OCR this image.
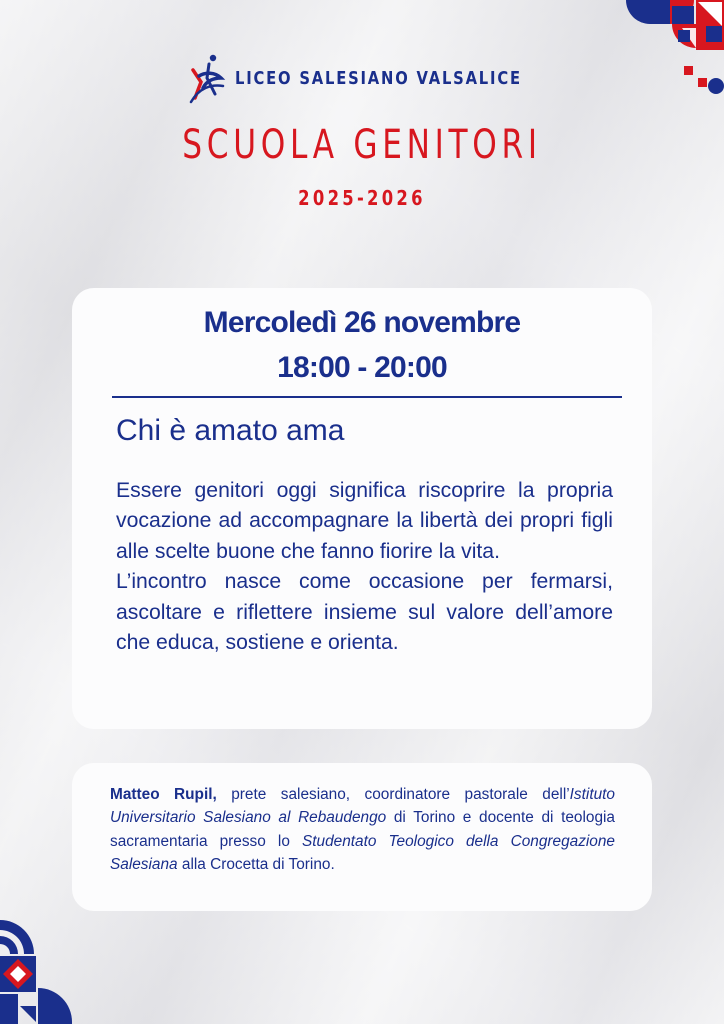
LICEO SALESIANO VALSALICE
SCUOLA GENITORI
2025-2026
Mercoledì 26 novembre
18:00 - 20:00
Chi è amato ama

Essere genitori oggi significa riscoprire la propria vocazione ad accompagnare la libertà dei propri figli alle scelte buone che fanno fiorire la vita.

L’incontro nasce come occasione per fermarsi, ascoltare e riflettere insieme sul valore dell’amore che educa, sostiene e orienta.

Matteo Rupil, prete salesiano, coordinatore pastorale dell’Istituto Universitario Salesiano al Rebaudengo di Torino e docente di teologia sacramentaria presso lo Studentato Teologico della Congregazione Salesiana alla Crocetta di Torino.
